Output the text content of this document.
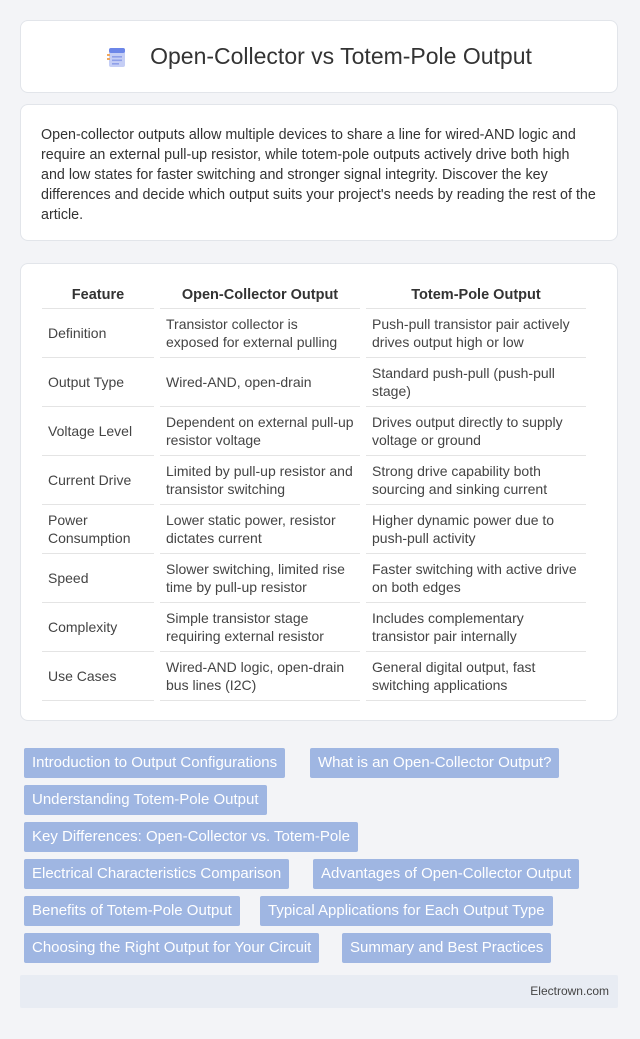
Open-Collector vs Totem-Pole Output

Open-collector outputs allow multiple devices to share a line for wired-AND logic and require an external pull-up resistor, while totem-pole outputs actively drive both high and low states for faster switching and stronger signal integrity. Discover the key differences and decide which output suits your project's needs by reading the rest of the article.

Feature	Open-Collector Output	Totem-Pole Output
Definition	Transistor collector is exposed for external pulling	Push-pull transistor pair actively drives output high or low
Output Type	Wired-AND, open-drain	Standard push-pull (push-pull stage)
Voltage Level	Dependent on external pull-up resistor voltage	Drives output directly to supply voltage or ground
Current Drive	Limited by pull-up resistor and transistor switching	Strong drive capability both sourcing and sinking current
Power Consumption	Lower static power, resistor dictates current	Higher dynamic power due to push-pull activity
Speed	Slower switching, limited rise time by pull-up resistor	Faster switching with active drive on both edges
Complexity	Simple transistor stage requiring external resistor	Includes complementary transistor pair internally
Use Cases	Wired-AND logic, open-drain bus lines (I2C)	General digital output, fast switching applications
Introduction to Output Configurations	What is an Open-Collector Output?
Understanding Totem-Pole Output
Key Differences: Open-Collector vs. Totem-Pole
Electrical Characteristics Comparison	Advantages of Open-Collector Output
Benefits of Totem-Pole Output	Typical Applications for Each Output Type
Choosing the Right Output for Your Circuit	Summary and Best Practices
Electrown.com
